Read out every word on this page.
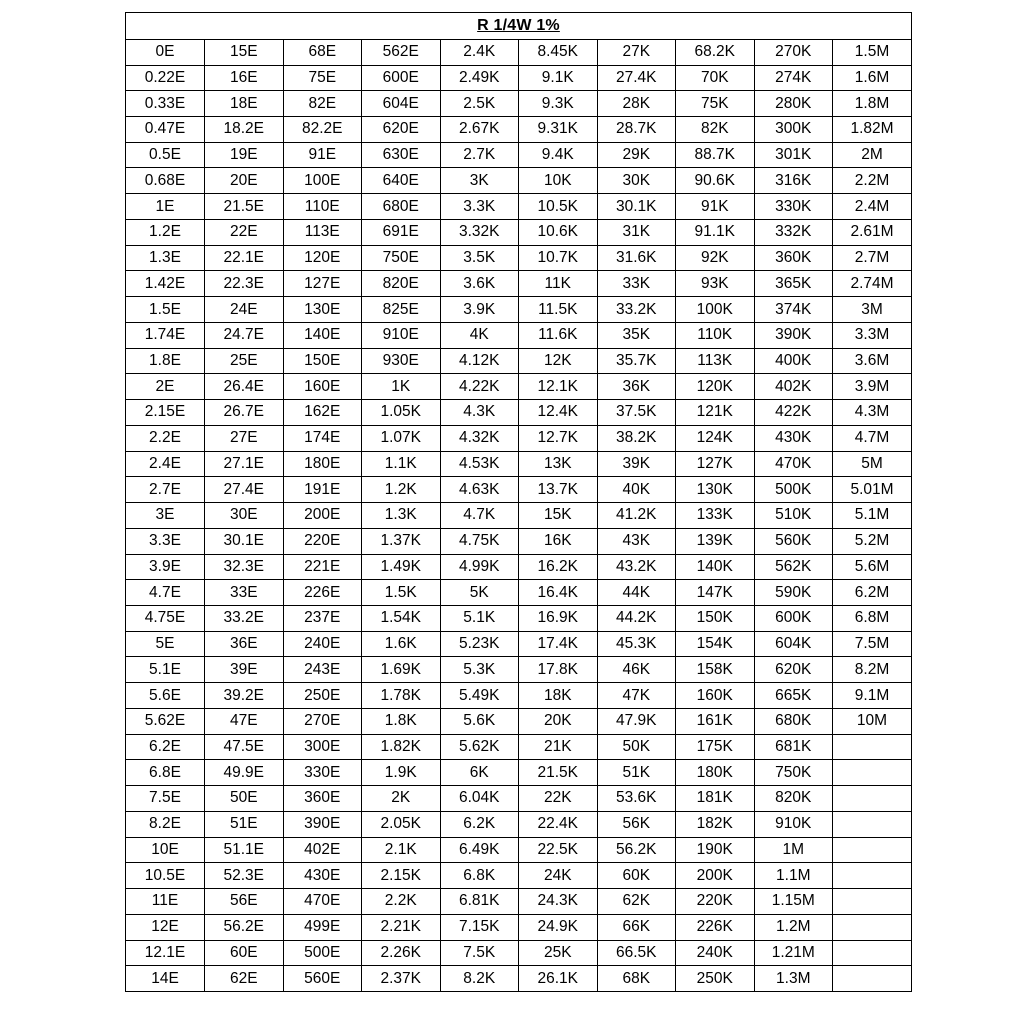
R 1/4W 1%
0E	15E	68E	562E	2.4K	8.45K	27K	68.2K	270K	1.5M
0.22E	16E	75E	600E	2.49K	9.1K	27.4K	70K	274K	1.6M
0.33E	18E	82E	604E	2.5K	9.3K	28K	75K	280K	1.8M
0.47E	18.2E	82.2E	620E	2.67K	9.31K	28.7K	82K	300K	1.82M
0.5E	19E	91E	630E	2.7K	9.4K	29K	88.7K	301K	2M
0.68E	20E	100E	640E	3K	10K	30K	90.6K	316K	2.2M
1E	21.5E	110E	680E	3.3K	10.5K	30.1K	91K	330K	2.4M
1.2E	22E	113E	691E	3.32K	10.6K	31K	91.1K	332K	2.61M
1.3E	22.1E	120E	750E	3.5K	10.7K	31.6K	92K	360K	2.7M
1.42E	22.3E	127E	820E	3.6K	11K	33K	93K	365K	2.74M
1.5E	24E	130E	825E	3.9K	11.5K	33.2K	100K	374K	3M
1.74E	24.7E	140E	910E	4K	11.6K	35K	110K	390K	3.3M
1.8E	25E	150E	930E	4.12K	12K	35.7K	113K	400K	3.6M
2E	26.4E	160E	1K	4.22K	12.1K	36K	120K	402K	3.9M
2.15E	26.7E	162E	1.05K	4.3K	12.4K	37.5K	121K	422K	4.3M
2.2E	27E	174E	1.07K	4.32K	12.7K	38.2K	124K	430K	4.7M
2.4E	27.1E	180E	1.1K	4.53K	13K	39K	127K	470K	5M
2.7E	27.4E	191E	1.2K	4.63K	13.7K	40K	130K	500K	5.01M
3E	30E	200E	1.3K	4.7K	15K	41.2K	133K	510K	5.1M
3.3E	30.1E	220E	1.37K	4.75K	16K	43K	139K	560K	5.2M
3.9E	32.3E	221E	1.49K	4.99K	16.2K	43.2K	140K	562K	5.6M
4.7E	33E	226E	1.5K	5K	16.4K	44K	147K	590K	6.2M
4.75E	33.2E	237E	1.54K	5.1K	16.9K	44.2K	150K	600K	6.8M
5E	36E	240E	1.6K	5.23K	17.4K	45.3K	154K	604K	7.5M
5.1E	39E	243E	1.69K	5.3K	17.8K	46K	158K	620K	8.2M
5.6E	39.2E	250E	1.78K	5.49K	18K	47K	160K	665K	9.1M
5.62E	47E	270E	1.8K	5.6K	20K	47.9K	161K	680K	10M
6.2E	47.5E	300E	1.82K	5.62K	21K	50K	175K	681K	
6.8E	49.9E	330E	1.9K	6K	21.5K	51K	180K	750K	
7.5E	50E	360E	2K	6.04K	22K	53.6K	181K	820K	
8.2E	51E	390E	2.05K	6.2K	22.4K	56K	182K	910K	
10E	51.1E	402E	2.1K	6.49K	22.5K	56.2K	190K	1M	
10.5E	52.3E	430E	2.15K	6.8K	24K	60K	200K	1.1M	
11E	56E	470E	2.2K	6.81K	24.3K	62K	220K	1.15M	
12E	56.2E	499E	2.21K	7.15K	24.9K	66K	226K	1.2M	
12.1E	60E	500E	2.26K	7.5K	25K	66.5K	240K	1.21M	
14E	62E	560E	2.37K	8.2K	26.1K	68K	250K	1.3M	
